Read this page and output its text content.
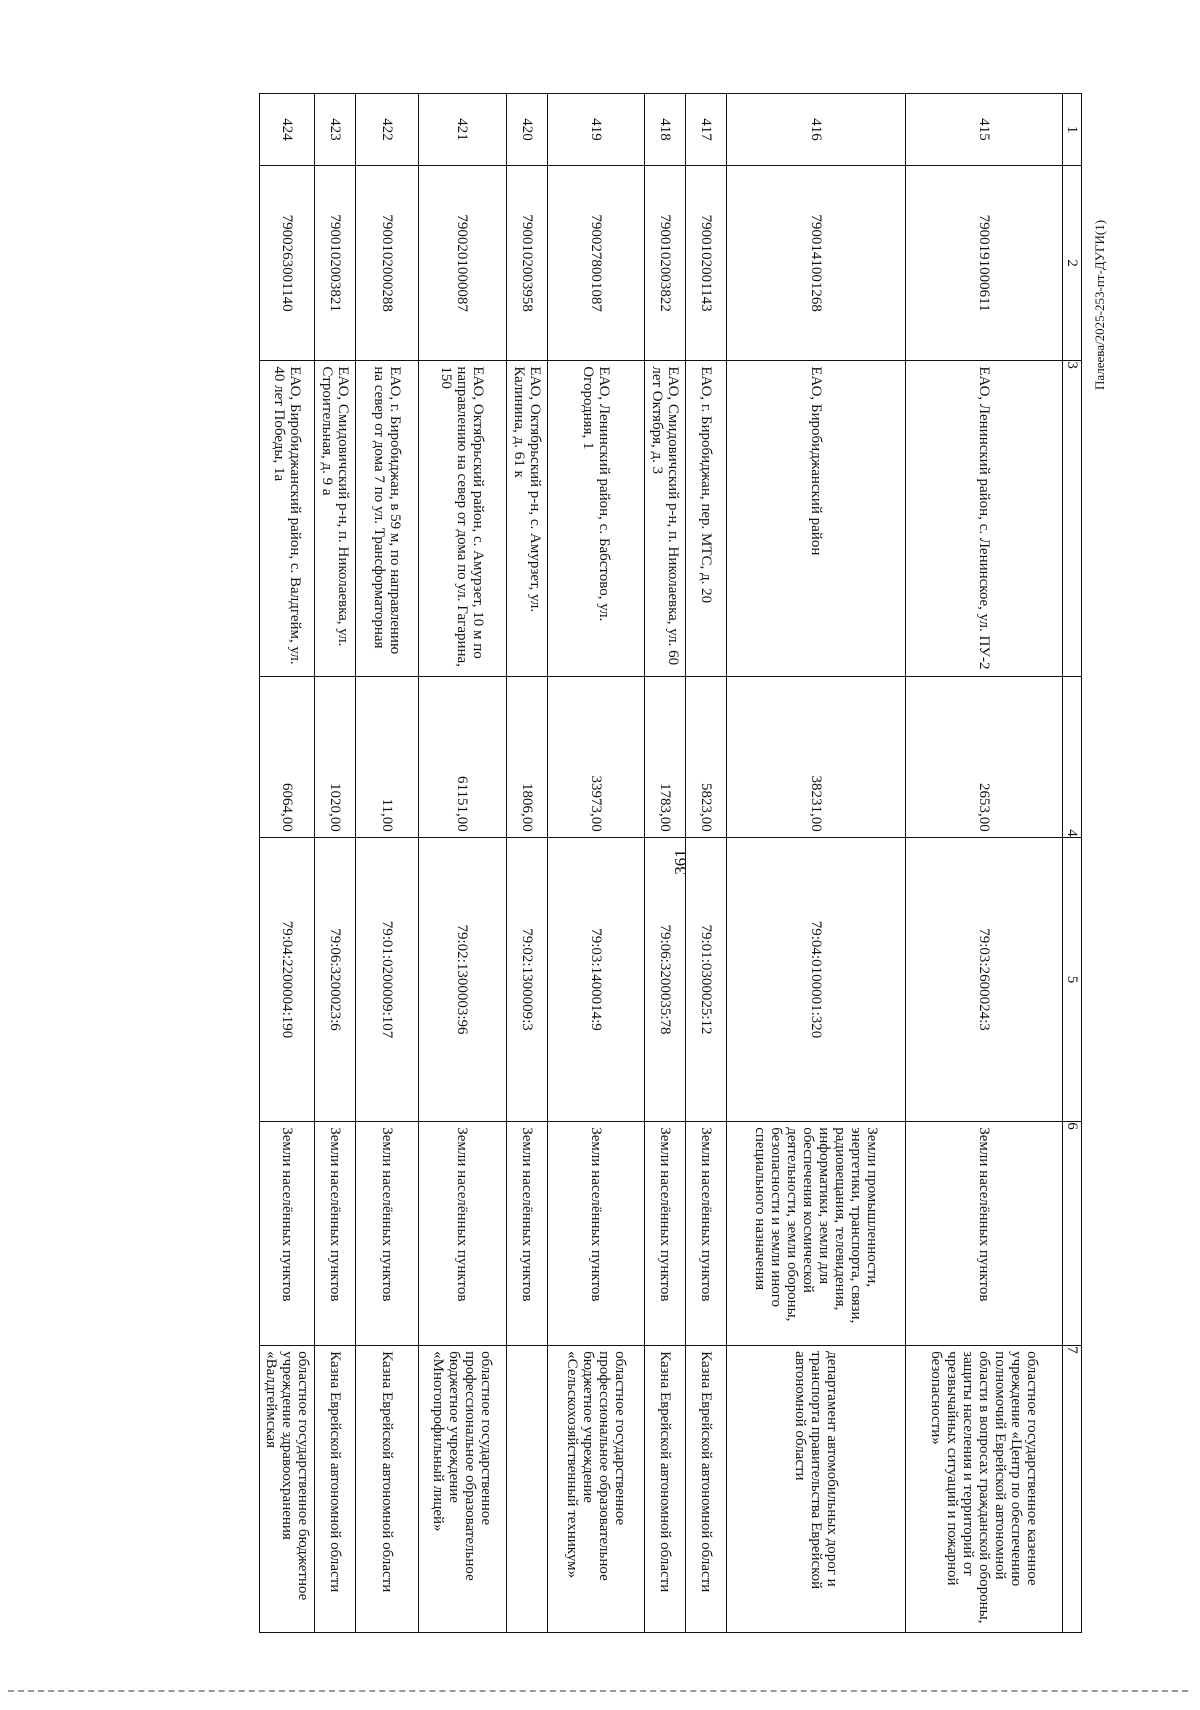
361
Палеева/2025-253-пт-ДУГИ(1)
1	2	3	4	5	6	7
415	7900191000611	ЕАО, Ленинский район, с. Ленинское, ул. ПУ-2	2653,00	79:03:2600024:3	Земли населённых пунктов	областное государственное казенное учреждение «Центр по обеспечению полномочий Еврейской автономной области в вопросах гражданской обороны, защиты населения и территорий от чрезвычайных ситуаций и пожарной безопасности»
416	7900141001268	ЕАО, Биробиджанский район	38231,00	79:04:0100001:320	Земли промышленности, энергетики, транспорта, связи, радиовещания, телевидения, информатики, земли для обеспечения космической деятельности, земли обороны, безопасности и земли иного специального назначения	департамент автомобильных дорог и транспорта правительства Еврейской автономной области
417	7900102001143	ЕАО, г. Биробиджан, пер. МТС, д. 20	5823,00	79:01:0300025:12	Земли населённых пунктов	Казна Еврейской автономной области
418	7900102003822	ЕАО, Смидовичский р-н, п. Николаевка, ул. 60 лет Октября, д. 3	1783,00	79:06:3200035:78	Земли населённых пунктов	Казна Еврейской автономной области
419	7900278001087	ЕАО, Ленинский район, с. Бабстово, ул. Огородняя, 1	33973,00	79:03:1400014:9	Земли населённых пунктов	областное государственное профессиональное образовательное бюджетное учреждение «Сельскохозяйственный техникум»
420	7900102003958	ЕАО, Октябрьский р-н, с. Амурзет, ул. Калинина, д. 61 к	1806,00	79:02:1300009:3	Земли населённых пунктов	
421	7900201000087	ЕАО, Октябрьский район, с. Амурзет, 10 м по направлению на север от дома по ул. Гагарина, 150	61151,00	79:02:1300003:96	Земли населённых пунктов	областное государственное профессиональное образовательное бюджетное учреждение «Многопрофильный лицей»
422	7900102000288	ЕАО, г. Биробиджан, в 59 м, по направлению на север от дома 7 по ул. Трансформаторная	11,00	79:01:0200009:107	Земли населённых пунктов	Казна Еврейской автономной области
423	7900102003821	ЕАО, Смидовичский р-н, п. Николаевка, ул. Строительная, д. 9 а	1020,00	79:06:3200023:6	Земли населённых пунктов	Казна Еврейской автономной области
424	7900263001140	ЕАО, Биробиджанский район, с. Валдгейм, ул. 40 лет Победы, 1а	6064,00	79:04:2200004:190	Земли населённых пунктов	областное государственное бюджетное учреждение здравоохранения «Валдгеймская
